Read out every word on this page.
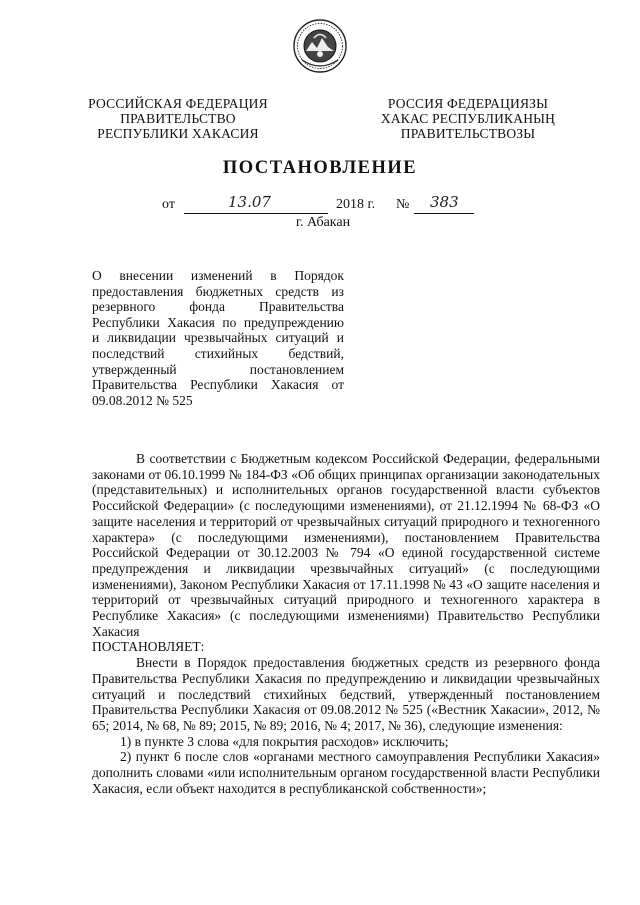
РОССИЙСКАЯ ФЕДЕРАЦИЯ
ПРАВИТЕЛЬСТВО
РЕСПУБЛИКИ ХАКАСИЯ
РОССИЯ ФЕДЕРАЦИЯЗЫ
ХАКАС РЕСПУБЛИКАНЫҢ
ПРАВИТЕЛЬСТВОЗЫ
ПОСТАНОВЛЕНИЕ
от	13.07	2018 г. № 383
г. Абакан
О внесении изменений в Порядок
предоставления бюджетных средств из
резервного фонда Правительства
Республики Хакасия по предупреждению
и ликвидации чрезвычайных ситуаций и
последствий стихийных бедствий,
утвержденный постановлением
Правительства Республики Хакасия от
09.08.2012 № 525

В соответствии с Бюджетным кодексом Российской Федерации, федеральными законами от 06.10.1999 № 184-ФЗ «Об общих принципах организации законодательных (представительных) и исполнительных органов государственной власти субъектов Российской Федерации» (с последующими изменениями), от 21.12.1994 № 68-ФЗ «О защите населения и территорий от чрезвычайных ситуаций природного и техногенного характера» (с последующими изменениями), постановлением Правительства Российской Федерации от 30.12.2003 № 794 «О единой государственной системе предупреждения и ликвидации чрезвычайных ситуаций» (с последующими изменениями), Законом Республики Хакасия от 17.11.1998 № 43 «О защите населения и территорий от чрезвычайных ситуаций природного и техногенного характера в Республике Хакасия» (с последующими изменениями) Правительство Республики Хакасия

ПОСТАНОВЛЯЕТ:

Внести в Порядок предоставления бюджетных средств из резервного фонда Правительства Республики Хакасия по предупреждению и ликвидации чрезвычайных ситуаций и последствий стихийных бедствий, утвержденный постановлением Правительства Республики Хакасия от 09.08.2012 № 525 («Вестник Хакасии», 2012, № 65; 2014, № 68, № 89; 2015, № 89; 2016, № 4; 2017, № 36), следующие изменения:

1) в пункте 3 слова «для покрытия расходов» исключить;

2) пункт 6 после слов «органами местного самоуправления Республики Хакасия» дополнить словами «или исполнительным органом государственной власти Республики Хакасия, если объект находится в республиканской собственности»;
